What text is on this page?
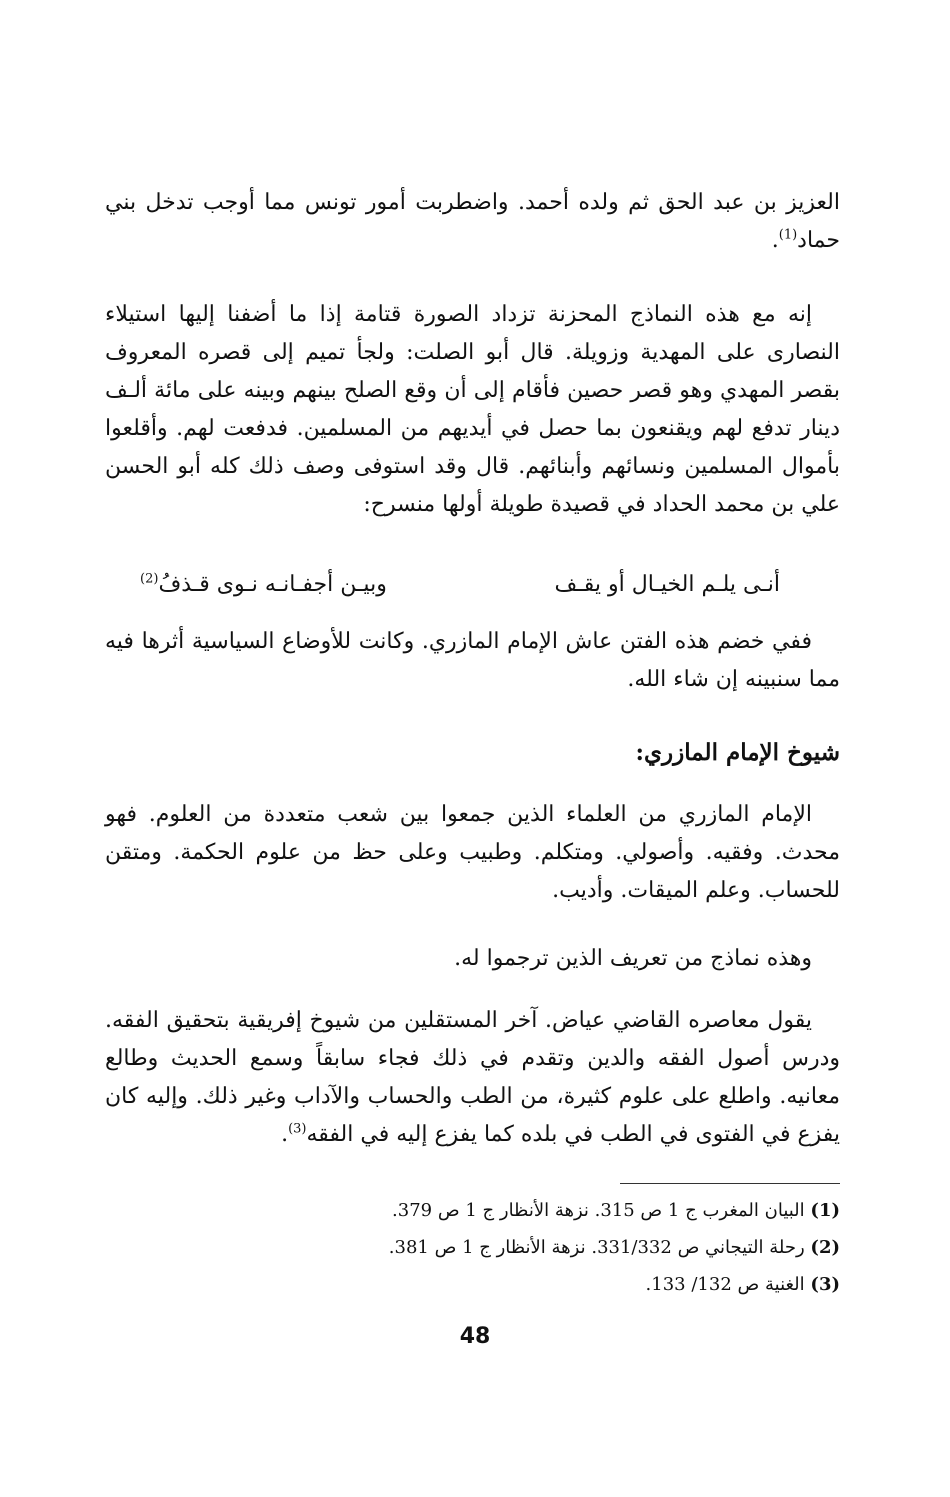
العزيز بن عبد الحق ثم ولده أحمد. واضطربت أمور تونس مما أوجب تدخل بني حماد$^{(1)}$.
إنه مع هذه النماذج المحزنة تزداد الصورة قتامة إذا ما أضفنا إليها استيلاء النصارى على المهدية وزويلة. قال أبو الصلت: ولجأ تميم إلى قصره المعروف بقصر المهدي وهو قصر حصين فأقام إلى أن وقع الصلح بينهم وبينه على مائة ألـف دينار تدفع لهم ويقنعون بما حصل في أيديهم من المسلمين. فدفعت لهم. وأقلعوا بأموال المسلمين ونسائهم وأبنائهم. قال وقد استوفى وصف ذلك كله أبو الحسن علي بن محمد الحداد في قصيدة طويلة أولها منسرح:
أنـى يلـم الخيـال أو يقـف
وبيـن أجفـانـه نـوى قـذفُ$^{(2)}$
ففي خضم هذه الفتن عاش الإمام المازري. وكانت للأوضاع السياسية أثرها فيه مما سنبينه إن شاء الله.
شيوخ الإمام المازري:
الإمام المازري من العلماء الذين جمعوا بين شعب متعددة من العلوم. فهو محدث. وفقيه. وأصولي. ومتكلم. وطبيب وعلى حظ من علوم الحكمة. ومتقن للحساب. وعلم الميقات. وأديب.
وهذه نماذج من تعريف الذين ترجموا له.
يقول معاصره القاضي عياض. آخر المستقلين من شيوخ إفريقية بتحقيق الفقه. ودرس أصول الفقه والدين وتقدم في ذلك فجاء سابقاً وسمع الحديث وطالع معانيه. واطلع على علوم كثيرة، من الطب والحساب والآداب وغير ذلك. وإليه كان يفزع في الفتوى في الطب في بلده كما يفزع إليه في الفقه$^{(3)}$.
(1) البيان المغرب ج 1 ص 315. نزهة الأنظار ج 1 ص 379.
(2) رحلة التيجاني ص 331/332. نزهة الأنظار ج 1 ص 381.
(3) الغنية ص 132/ 133.
48
